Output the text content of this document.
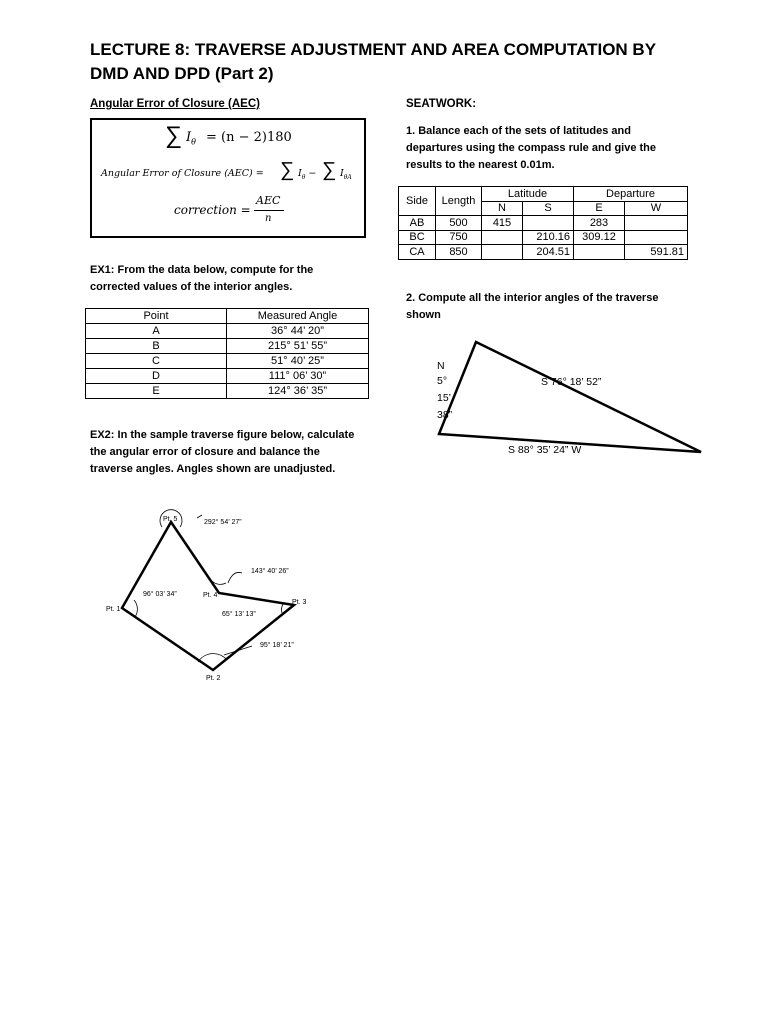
LECTURE 8: TRAVERSE ADJUSTMENT AND AREA COMPUTATION BY DMD AND DPD (Part 2)
Angular Error of Closure (AEC)
∑ $I_\theta = (n - 2)180$
Angular Error of Closure (AEC) = ∑ $I_\theta$ − ∑ $I_{\theta A}$
correction =
AEC
n
EX1: From the data below, compute for the corrected values of the interior angles.
Point	Measured Angle
A	36° 44’ 20”
B	215° 51’ 55”
C	51° 40’ 25”
D	111° 06’ 30”
E	124° 36’ 35”
EX2: In the sample traverse figure below, calculate the angular error of closure and balance the traverse angles. Angles shown are unadjusted.
Pt. 5
Pt. 4
Pt. 3
Pt. 2
Pt. 1
292° 54’ 27”
143° 40’ 26”
96° 03’ 34”
65° 13’ 13”
95° 18’ 21”
SEATWORK:
1. Balance each of the sets of latitudes and departures using the compass rule and give the results to the nearest 0.01m.
Side	Length	Latitude		Departure	
		N	S	E	W
AB	500	415		283	
BC	750		210.16	309.12	
CA	850		204.51		591.81
2. Compute all the interior angles of the traverse shown
N
5°
15’
38”
S 76° 18’ 52”
S 88° 35’ 24” W
